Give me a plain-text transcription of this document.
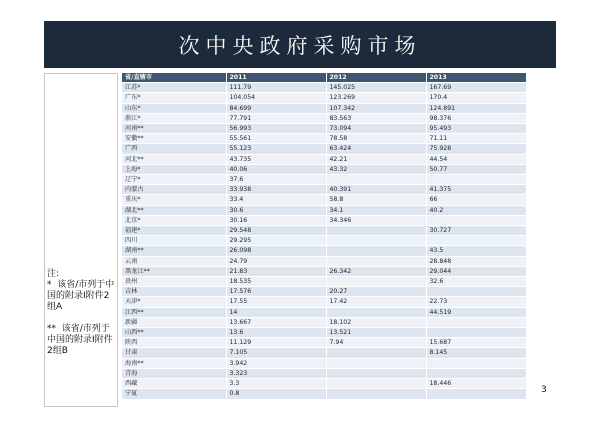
次中央政府采购市场
注:
*  该省/市列于中国的附录I附件2组A

**  该省/市列于中国的附录I附件2组B
省/直辖市	2011	2012	2013
江苏*	111.79	145.025	167.69
广东*	104.054	123.269	170.4
山东*	84.699	107.342	124.891
浙江*	77.791	83.563	98.376
河南**	56.993	73.094	95.493
安徽**	55.561	78.58	71.11
广西	55.123	63.424	75.928
河北**	43.735	42.21	44.54
上海*	40.06	43.32	50.77
辽宁*	37.6		
内蒙古	33.938	40.391	41.375
重庆*	33.4	58.8	66
湖北**	30.6	34.1	40.2
北京*	30.16	34.346	
福建*	29.548		30.727
四川	29.295		
湖南**	26.098		43.5
云南	24.79		28.848
黑龙江**	21.83	26.342	29.044
贵州	18.535		32.6
吉林	17.576	20.27	
天津*	17.55	17.42	22.73
江西**	14		44.519
新疆	13.667	18.102	
山西**	13.6	13.521	
陕西	11.129	7.94	15.687
甘肃	7.105		8.145
海南**	3.942		
青海	3.323		
西藏	3.3		18.446
宁夏	0.8			3
